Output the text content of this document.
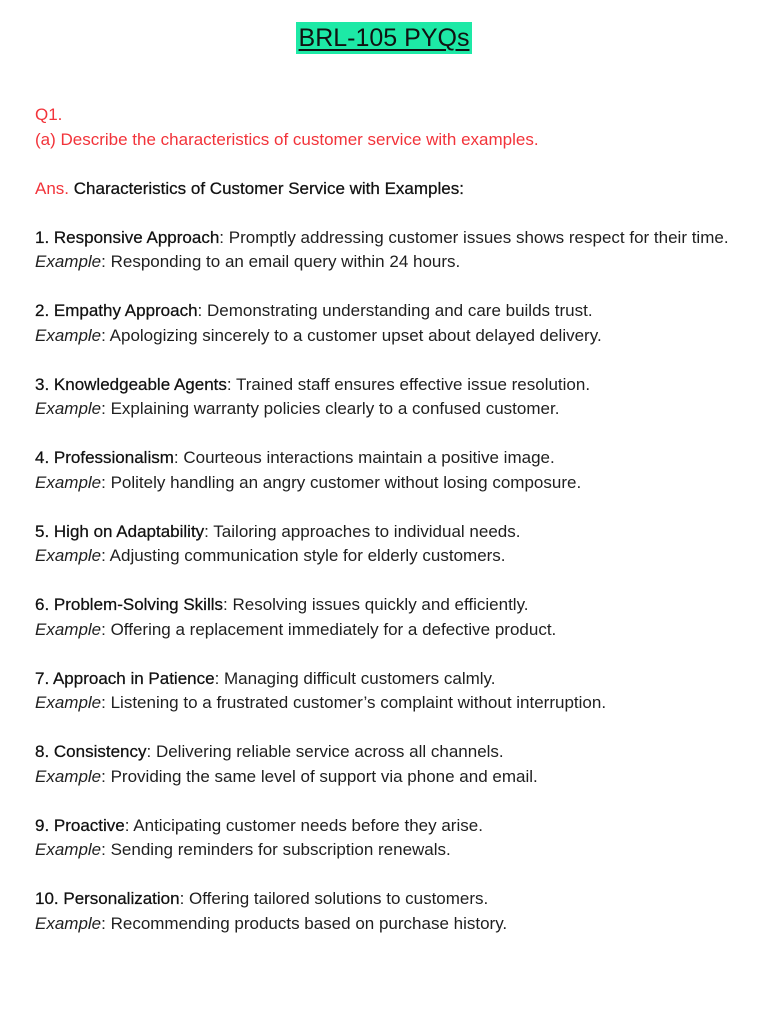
BRL-105 PYQs

Q1.

(a) Describe the characteristics of customer service with examples.

Ans. Characteristics of Customer Service with Examples:

1. Responsive Approach: Promptly addressing customer issues shows respect for their time.

Example: Responding to an email query within 24 hours.

2. Empathy Approach: Demonstrating understanding and care builds trust.

Example: Apologizing sincerely to a customer upset about delayed delivery.

3. Knowledgeable Agents: Trained staff ensures effective issue resolution.

Example: Explaining warranty policies clearly to a confused customer.

4. Professionalism: Courteous interactions maintain a positive image.

Example: Politely handling an angry customer without losing composure.

5. High on Adaptability: Tailoring approaches to individual needs.

Example: Adjusting communication style for elderly customers.

6. Problem-Solving Skills: Resolving issues quickly and efficiently.

Example: Offering a replacement immediately for a defective product.

7. Approach in Patience: Managing difficult customers calmly.

Example: Listening to a frustrated customer’s complaint without interruption.

8. Consistency: Delivering reliable service across all channels.

Example: Providing the same level of support via phone and email.

9. Proactive: Anticipating customer needs before they arise.

Example: Sending reminders for subscription renewals.

10. Personalization: Offering tailored solutions to customers.

Example: Recommending products based on purchase history.
